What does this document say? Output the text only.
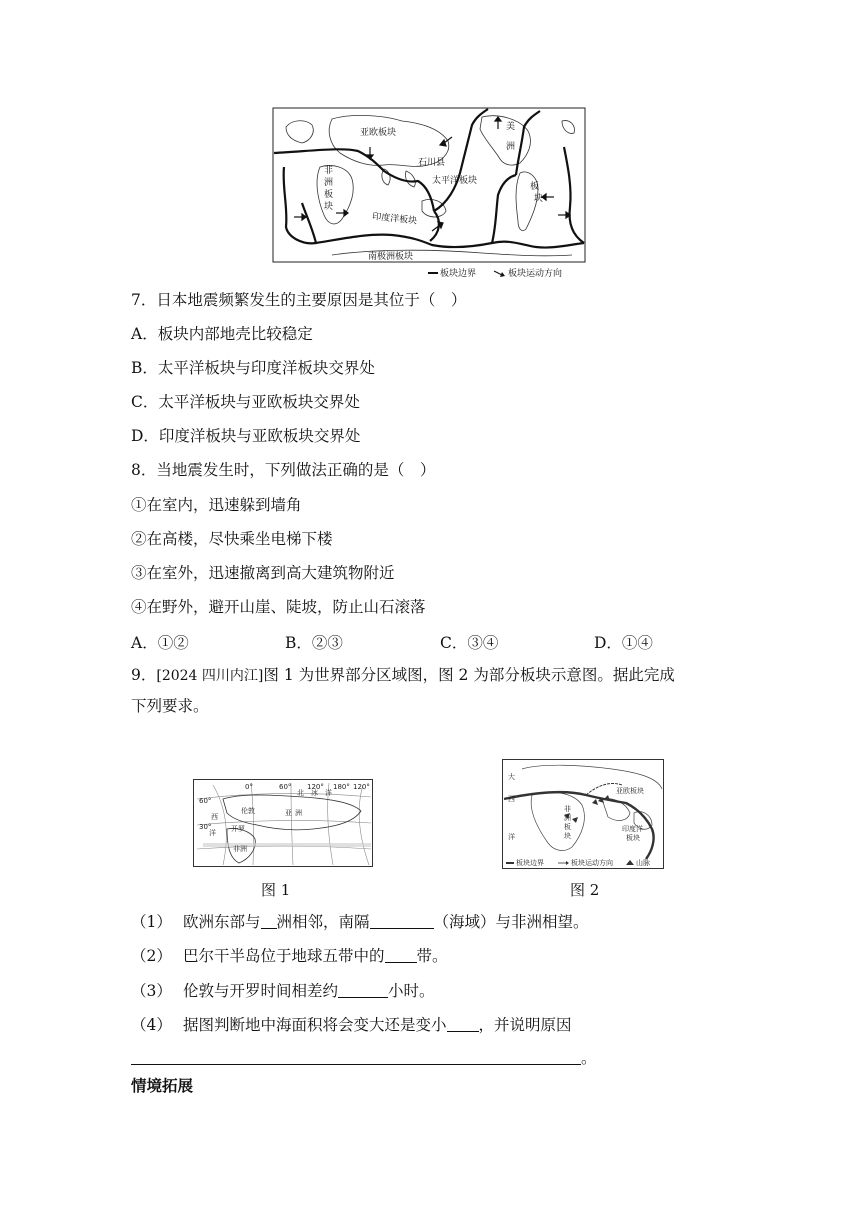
亚欧板块
非
洲
板
块
石川县
太平洋板块
美
洲
板
块
印度洋板块
南极洲板块
板块边界	板块运动方向
7．日本地震频繁发生的主要原因是其位于（　）
A．板块内部地壳比较稳定
B．太平洋板块与印度洋板块交界处
C．太平洋板块与亚欧板块交界处
D．印度洋板块与亚欧板块交界处
8．当地震发生时，下列做法正确的是（　）
①在室内，迅速躲到墙角
②在高楼，尽快乘坐电梯下楼
③在室外，迅速撤离到高大建筑物附近
④在野外，避开山崖、陡坡，防止山石滚落
A．①②	B．②③	C．③④	D．①④
9．[2024 四川内江]图 1 为世界部分区域图，图 2 为部分板块示意图。据此完成
下列要求。
0°	60° 120° 180° 120°
60°
30°
北 冰 洋
伦敦	亚 洲
西
洋 开罗
非洲
图 1
大
西
洋
亚欧板块
非
洲
板
块
印度洋
板块
板块边界	板块运动方向	山脉
图 2
（1） 欧洲东部与 洲相邻，南隔	（海域）与非洲相望。
（2） 巴尔干半岛位于地球五带中的 带。
（3） 伦敦与开罗时间相差约	小时。
（4） 据图判断地中海面积将会变大还是变小 ，并说明原因
。
情境拓展
